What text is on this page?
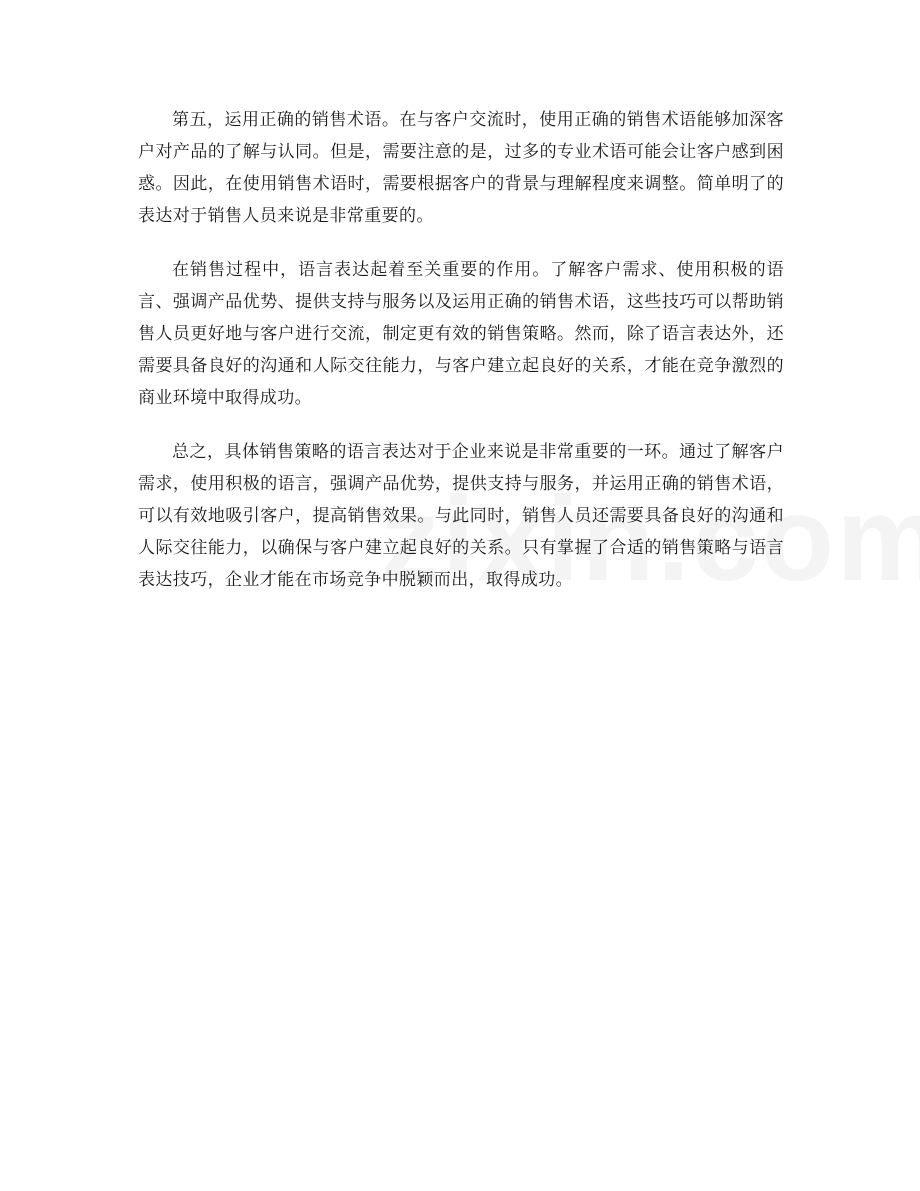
第五，运用正确的销售术语。在与客户交流时，使用正确的销售术语能够加深客户对产品的了解与认同。但是，需要注意的是，过多的专业术语可能会让客户感到困惑。因此，在使用销售术语时，需要根据客户的背景与理解程度来调整。简单明了的表达对于销售人员来说是非常重要的。

在销售过程中，语言表达起着至关重要的作用。了解客户需求、使用积极的语言、强调产品优势、提供支持与服务以及运用正确的销售术语，这些技巧可以帮助销售人员更好地与客户进行交流，制定更有效的销售策略。然而，除了语言表达外，还需要具备良好的沟通和人际交往能力，与客户建立起良好的关系，才能在竞争激烈的商业环境中取得成功。

总之，具体销售策略的语言表达对于企业来说是非常重要的一环。通过了解客户需求，使用积极的语言，强调产品优势，提供支持与服务，并运用正确的销售术语，可以有效地吸引客户，提高销售效果。与此同时，销售人员还需要具备良好的沟通和人际交往能力，以确保与客户建立起良好的关系。只有掌握了合适的销售策略与语言表达技巧，企业才能在市场竞争中脱颖而出，取得成功。
